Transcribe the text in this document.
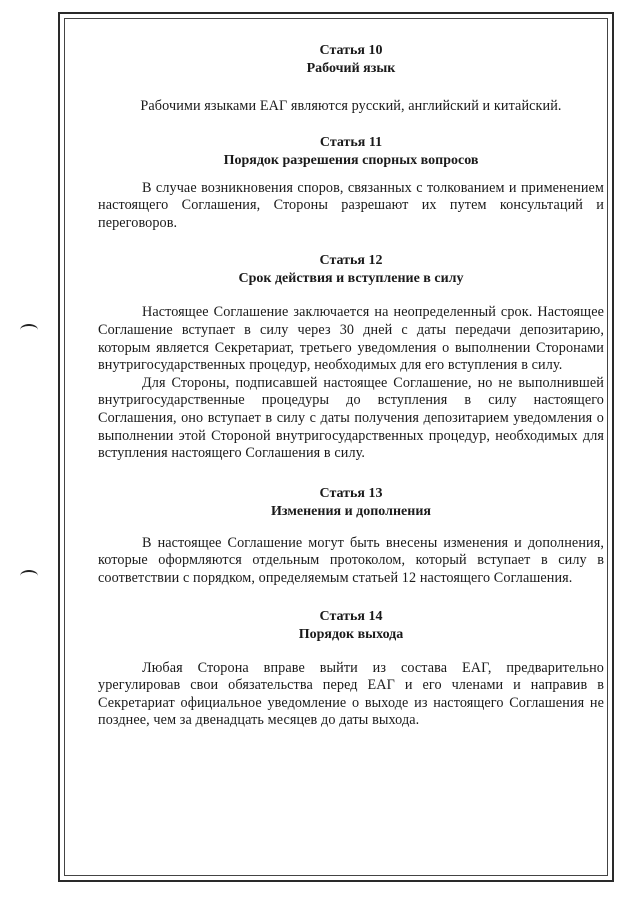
Статья 10

Рабочий язык

Рабочими языками ЕАГ являются русский, английский и китайский.

Статья 11

Порядок разрешения спорных вопросов

В случае возникновения споров, связанных с толкованием и применением настоящего Соглашения, Стороны разрешают их путем консультаций и переговоров.

Статья 12

Срок действия и вступление в силу

Настоящее Соглашение заключается на неопределенный срок. Настоящее Соглашение вступает в силу через 30 дней с даты передачи депозитарию, которым является Секретариат, третьего уведомления о выполнении Сторонами внутригосударственных процедур, необходимых для его вступления в силу.

Для Стороны, подписавшей настоящее Соглашение, но не выполнившей внутригосударственные процедуры до вступления в силу настоящего Соглашения, оно вступает в силу с даты получения депозитарием уведомления о выполнении этой Стороной внутригосударственных процедур, необходимых для вступления настоящего Соглашения в силу.

Статья 13

Изменения и дополнения

В настоящее Соглашение могут быть внесены изменения и дополнения, которые оформляются отдельным протоколом, который вступает в силу в соответствии с порядком, определяемым статьей 12 настоящего Соглашения.

Статья 14

Порядок выхода

Любая Сторона вправе выйти из состава ЕАГ, предварительно урегулировав свои обязательства перед ЕАГ и его членами и направив в Секретариат официальное уведомление о выходе из настоящего Соглашения не позднее, чем за двенадцать месяцев до даты выхода.
